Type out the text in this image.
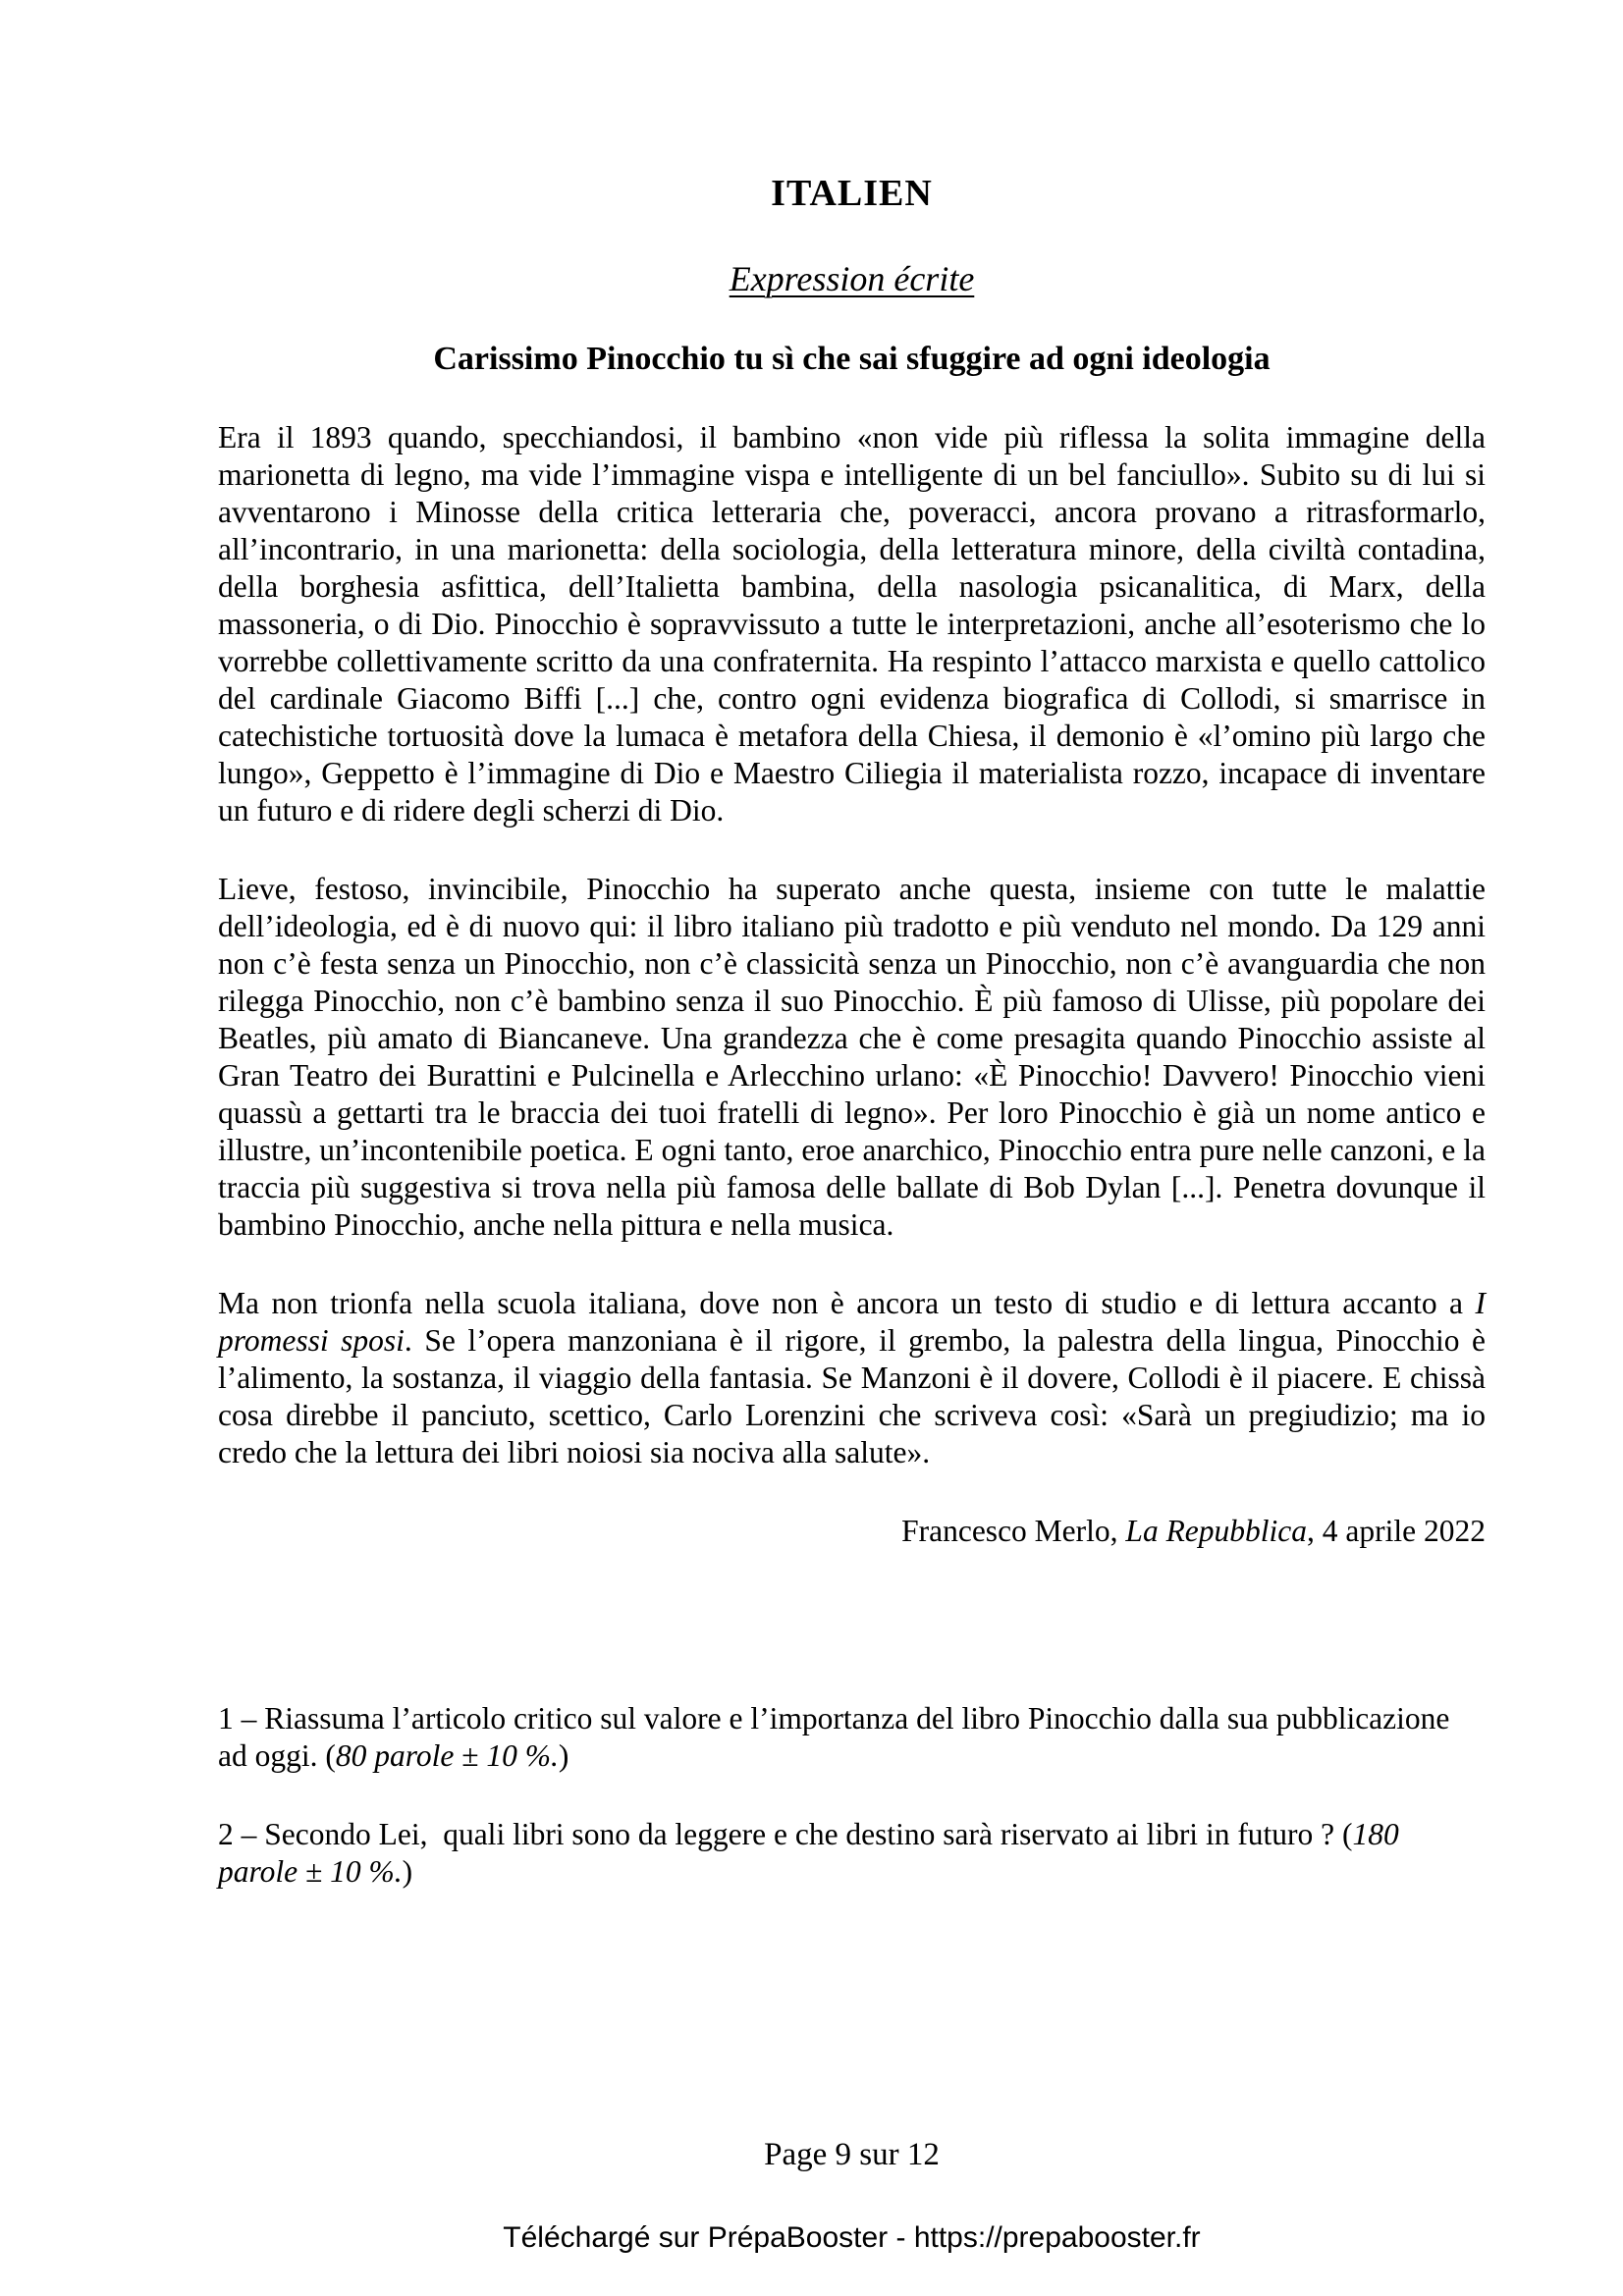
ITALIEN
Expression écrite
Carissimo Pinocchio tu sì che sai sfuggire ad ogni ideologia

Era il 1893 quando, specchiandosi, il bambino «non vide più riflessa la solita immagine della marionetta di legno, ma vide l’immagine vispa e intelligente di un bel fanciullo». Subito su di lui si avventarono i Minosse della critica letteraria che, poveracci, ancora provano a ritrasformarlo, all’incontrario, in una marionetta: della sociologia, della letteratura minore, della civiltà contadina, della borghesia asfittica, dell’Italietta bambina, della nasologia psicanalitica, di Marx, della massoneria, o di Dio. Pinocchio è sopravvissuto a tutte le interpretazioni, anche all’esoterismo che lo vorrebbe collettivamente scritto da una confraternita. Ha respinto l’attacco marxista e quello cattolico del cardinale Giacomo Biffi [...] che, contro ogni evidenza biografica di Collodi, si smarrisce in catechistiche tortuosità dove la lumaca è metafora della Chiesa, il demonio è «l’omino più largo che lungo», Geppetto è l’immagine di Dio e Maestro Ciliegia il materialista rozzo, incapace di inventare un futuro e di ridere degli scherzi di Dio.

Lieve, festoso, invincibile, Pinocchio ha superato anche questa, insieme con tutte le malattie dell’ideologia, ed è di nuovo qui: il libro italiano più tradotto e più venduto nel mondo. Da 129 anni non c’è festa senza un Pinocchio, non c’è classicità senza un Pinocchio, non c’è avanguardia che non rilegga Pinocchio, non c’è bambino senza il suo Pinocchio. È più famoso di Ulisse, più popolare dei Beatles, più amato di Biancaneve. Una grandezza che è come presagita quando Pinocchio assiste al Gran Teatro dei Burattini e Pulcinella e Arlecchino urlano: «È Pinocchio! Davvero! Pinocchio vieni quassù a gettarti tra le braccia dei tuoi fratelli di legno». Per loro Pinocchio è già un nome antico e illustre, un’incontenibile poetica. E ogni tanto, eroe anarchico, Pinocchio entra pure nelle canzoni, e la traccia più suggestiva si trova nella più famosa delle ballate di Bob Dylan [...]. Penetra dovunque il bambino Pinocchio, anche nella pittura e nella musica.

Ma non trionfa nella scuola italiana, dove non è ancora un testo di studio e di lettura accanto a I promessi sposi. Se l’opera manzoniana è il rigore, il grembo, la palestra della lingua, Pinocchio è l’alimento, la sostanza, il viaggio della fantasia. Se Manzoni è il dovere, Collodi è il piacere. E chissà cosa direbbe il panciuto, scettico, Carlo Lorenzini che scriveva così: «Sarà un pregiudizio; ma io credo che la lettura dei libri noiosi sia nociva alla salute».

Francesco Merlo, La Repubblica, 4 aprile 2022

1 – Riassuma l’articolo critico sul valore e l’importanza del libro Pinocchio dalla sua pubblicazione ad oggi. (80 parole ± 10 %.)

2 – Secondo Lei,  quali libri sono da leggere e che destino sarà riservato ai libri in futuro ? (180 parole ± 10 %.)

Page 9 sur 12
Téléchargé sur PrépaBooster - https://prepabooster.fr
